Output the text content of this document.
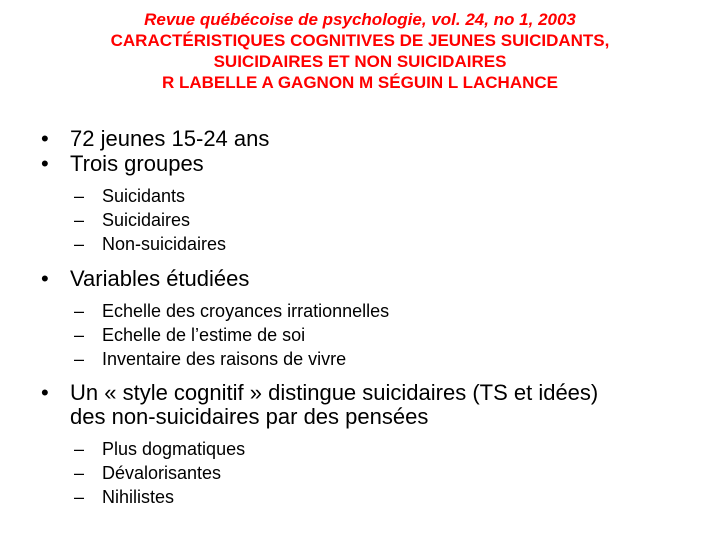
Revue québécoise de psychologie, vol. 24, no 1, 2003
CARACTÉRISTIQUES COGNITIVES DE JEUNES SUICIDANTS,
SUICIDAIRES ET NON SUICIDAIRES
R LABELLE A GAGNON M SÉGUIN L LACHANCE
• 72 jeunes 15-24 ans
• Trois groupes
– Suicidants
– Suicidaires
– Non-suicidaires
• Variables étudiées
– Echelle des croyances irrationnelles
– Echelle de l’estime de soi
– Inventaire des raisons de vivre
• Un « style cognitif » distingue suicidaires (TS et idées) des non-suicidaires par des pensées
– Plus dogmatiques
– Dévalorisantes
– Nihilistes
